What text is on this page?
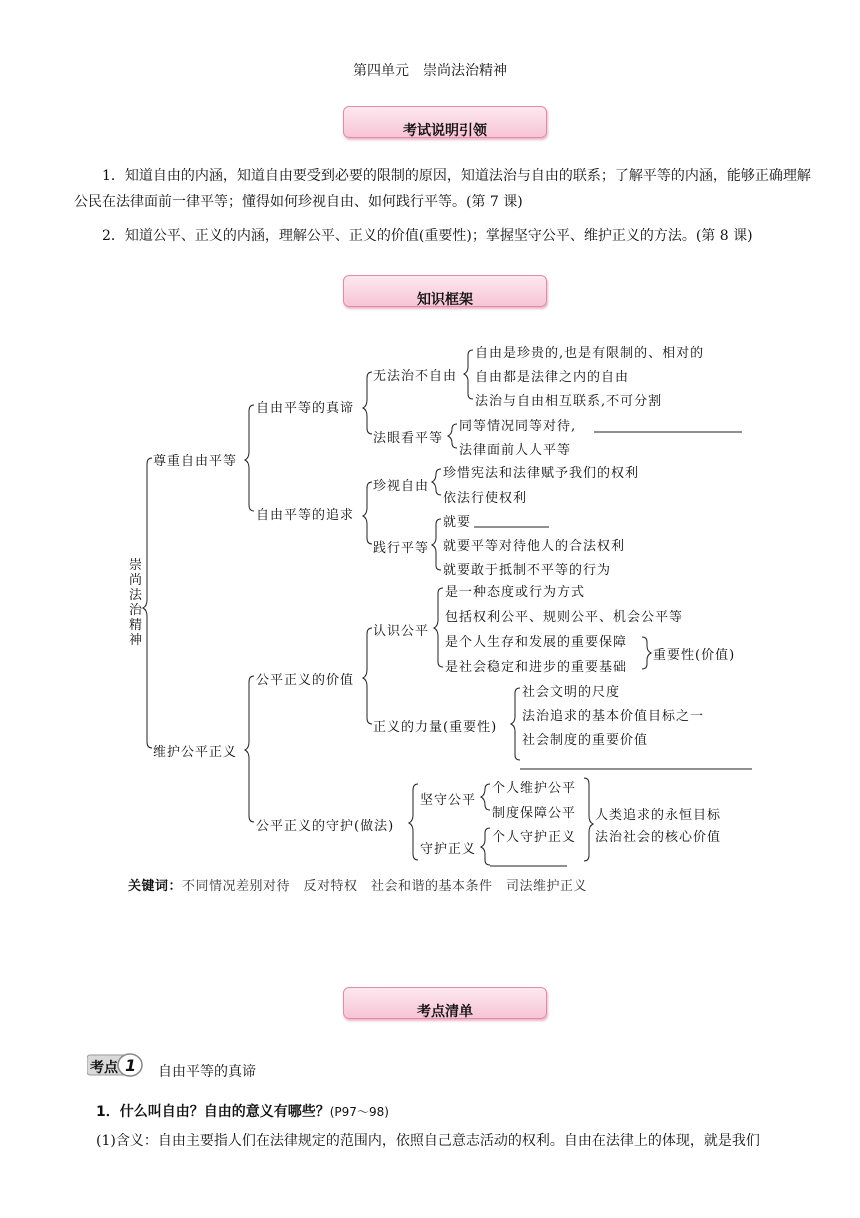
第四单元　崇尚法治精神
考试说明引领
1．知道自由的内涵，知道自由要受到必要的限制的原因，知道法治与自由的联系；了解平等的内涵，能够正确理解公民在法律面前一律平等；懂得如何珍视自由、如何践行平等。(第 7 课)
2．知道公平、正义的内涵，理解公平、正义的价值(重要性)；掌握坚守公平、维护正义的方法。(第 8 课)
知识框架
崇尚法治精神
尊重自由平等
自由平等的真谛
无法治不自由
自由是珍贵的,也是有限制的、相对的
自由都是法律之内的自由
法治与自由相互联系,不可分割
法眼看平等
同等情况同等对待,
法律面前人人平等
自由平等的追求
珍视自由
珍惜宪法和法律赋予我们的权利
依法行使权利
践行平等
就要
就要平等对待他人的合法权利
就要敢于抵制不平等的行为
维护公平正义
公平正义的价值
认识公平
是一种态度或行为方式
包括权利公平、规则公平、机会公平等
是个人生存和发展的重要保障
是社会稳定和进步的重要基础
重要性(价值)
正义的力量(重要性)
社会文明的尺度
法治追求的基本价值目标之一
社会制度的重要价值
公平正义的守护(做法)
坚守公平
个人维护公平
制度保障公平
守护正义
个人守护正义
人类追求的永恒目标
法治社会的核心价值
关键词：不同情况差别对待　反对特权　社会和谐的基本条件　司法维护正义
考点清单
考点 1 自由平等的真谛
1．什么叫自由？自由的意义有哪些？(P97～98)
(1)含义：自由主要指人们在法律规定的范围内，依照自己意志活动的权利。自由在法律上的体现，就是我们
